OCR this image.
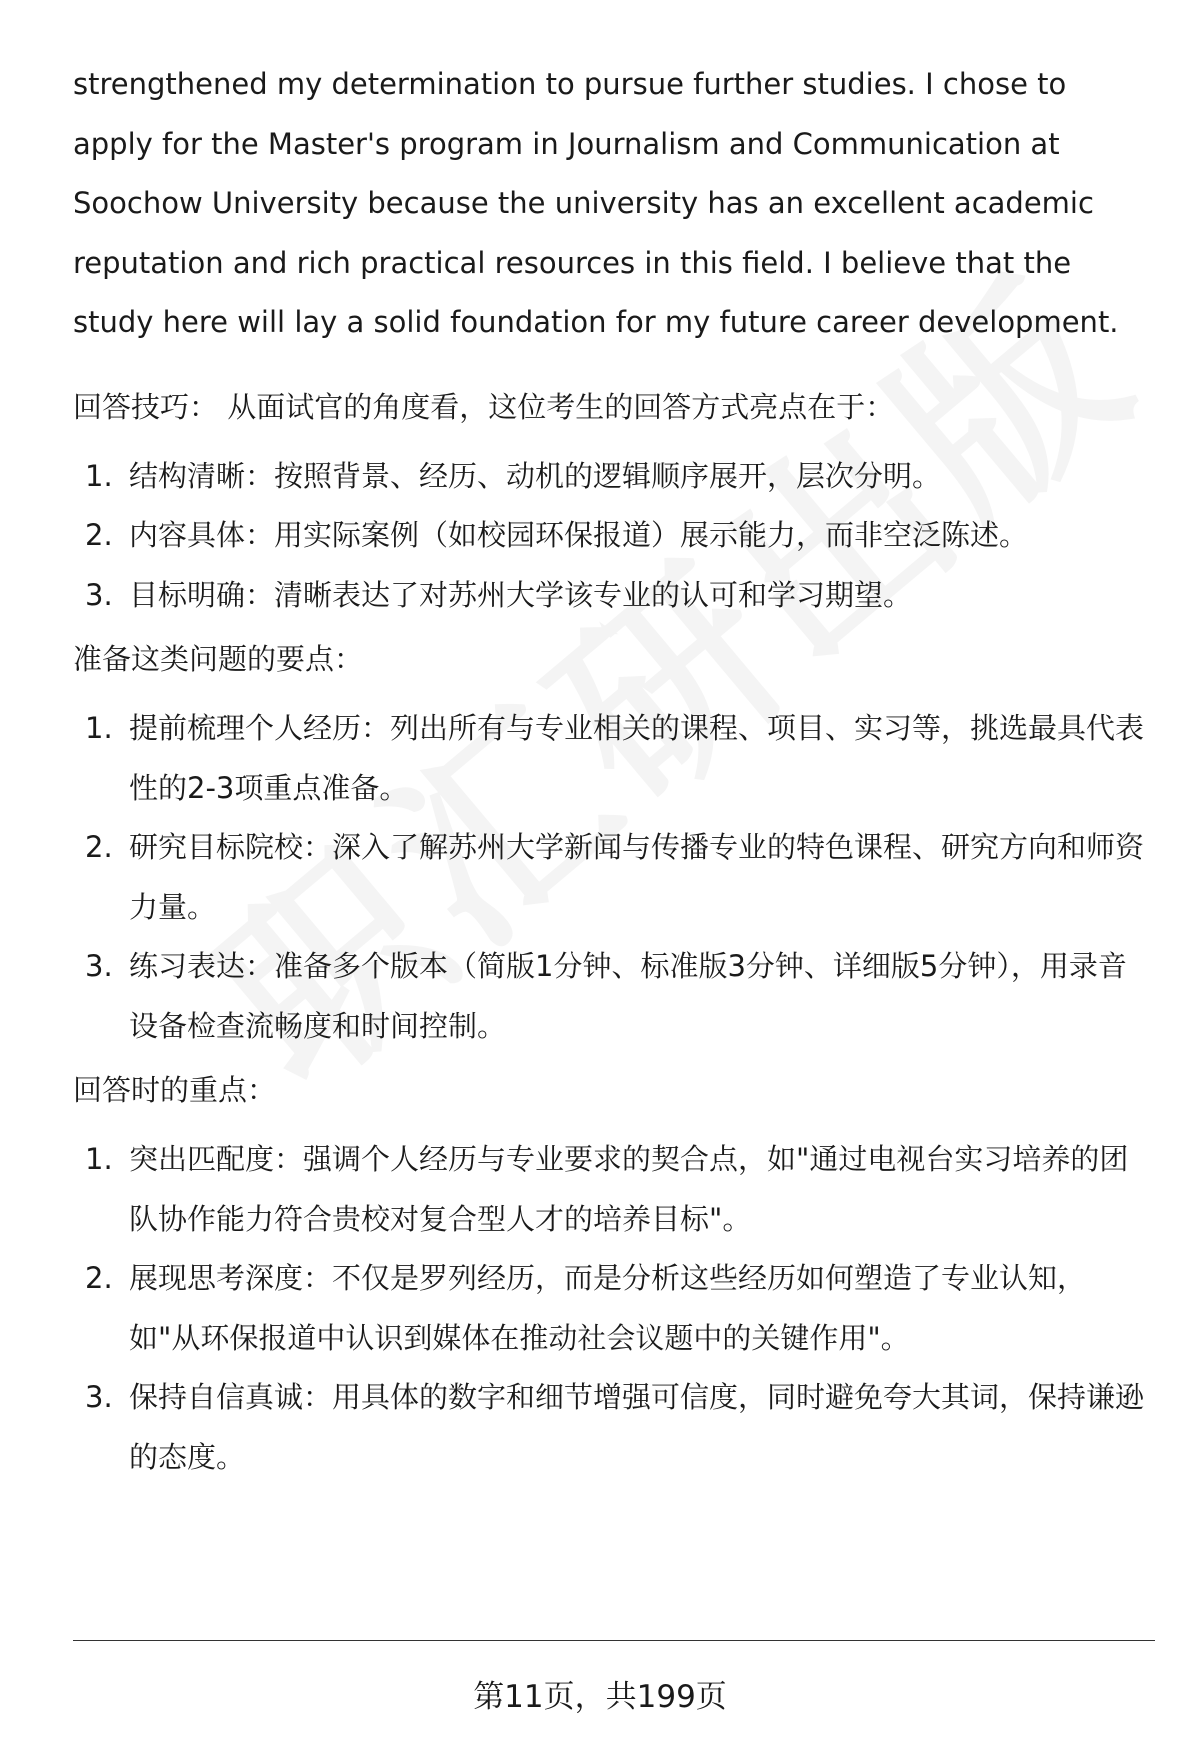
strengthened my determination to pursue further studies. I chose to apply for the Master's program in Journalism and Communication at Soochow University because the university has an excellent academic reputation and rich practical resources in this field. I believe that the study here will lay a solid foundation for my future career development.

回答技巧： 从面试官的角度看，这位考生的回答方式亮点在于：

1. 结构清晰：按照背景、经历、动机的逻辑顺序展开，层次分明。
2. 内容具体：用实际案例（如校园环保报道）展示能力，而非空泛陈述。
3. 目标明确：清晰表达了对苏州大学该专业的认可和学习期望。

准备这类问题的要点：

1. 提前梳理个人经历：列出所有与专业相关的课程、项目、实习等，挑选最具代表性的2-3项重点准备。
2. 研究目标院校：深入了解苏州大学新闻与传播专业的特色课程、研究方向和师资力量。
3. 练习表达：准备多个版本（简版1分钟、标准版3分钟、详细版5分钟），用录音设备检查流畅度和时间控制。

回答时的重点：

1. 突出匹配度：强调个人经历与专业要求的契合点，如"通过电视台实习培养的团队协作能力符合贵校对复合型人才的培养目标"。
2. 展现思考深度：不仅是罗列经历，而是分析这些经历如何塑造了专业认知，如"从环保报道中认识到媒体在推动社会议题中的关键作用"。
3. 保持自信真诚：用具体的数字和细节增强可信度，同时避免夸大其词，保持谦逊的态度。
第11页，共199页
